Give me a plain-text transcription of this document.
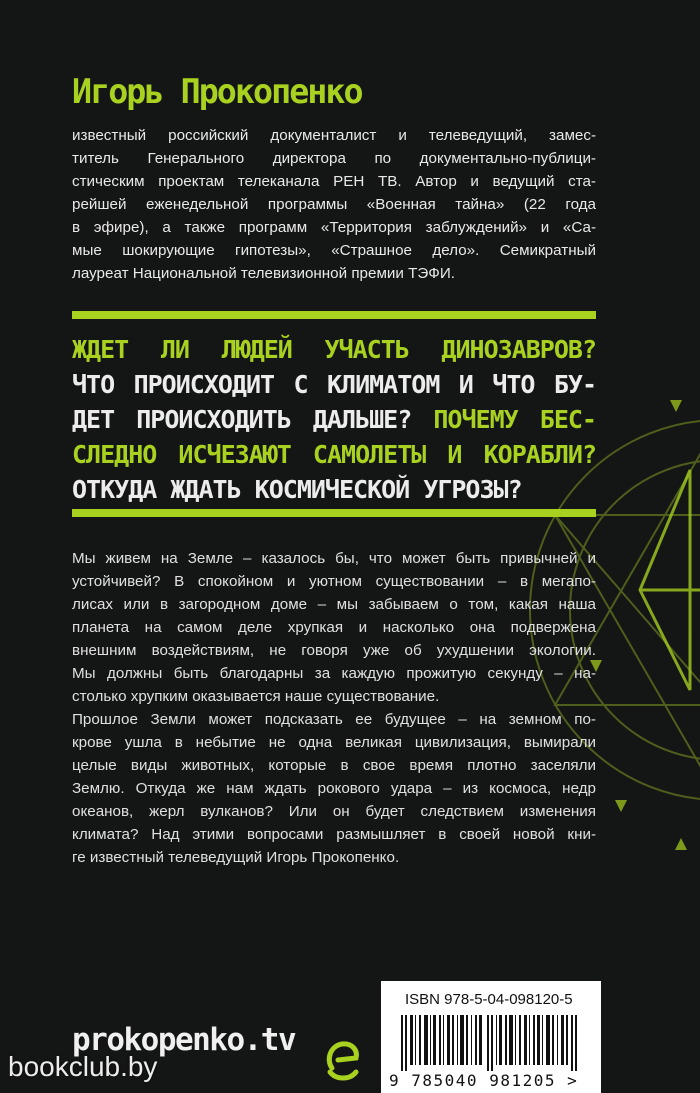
Игорь Прокопенко
известный российский документалист и телеведущий, замес-
титель Генерального директора по документально-публици-
стическим проектам телеканала РЕН ТВ. Автор и ведущий ста-
рейшей еженедельной программы «Военная тайна» (22 года
в эфире), а также программ «Территория заблуждений» и «Са-
мые шокирующие гипотезы», «Страшное дело». Семикратный
лауреат Национальной телевизионной премии ТЭФИ.
ЖДЕТ ЛИ ЛЮДЕЙ УЧАСТЬ ДИНОЗАВРОВ?
ЧТО ПРОИСХОДИТ С КЛИМАТОМ И ЧТО БУ-
ДЕТ ПРОИСХОДИТЬ ДАЛЬШЕ? ПОЧЕМУ БЕС-
СЛЕДНО ИСЧЕЗАЮТ САМОЛЕТЫ И КОРАБЛИ?
ОТКУДА ЖДАТЬ КОСМИЧЕСКОЙ УГРОЗЫ?
Мы живем на Земле – казалось бы, что может быть привычней и
устойчивей? В спокойном и уютном существовании – в мегапо-
лисах или в загородном доме – мы забываем о том, какая наша
планета на самом деле хрупкая и насколько она подвержена
внешним воздействиям, не говоря уже об ухудшении экологии.
Мы должны быть благодарны за каждую прожитую секунду – на-
столько хрупким оказывается наше существование.
Прошлое Земли может подсказать ее будущее – на земном по-
крове ушла в небытие не одна великая цивилизация, вымирали
целые виды животных, которые в свое время плотно заселяли
Землю. Откуда же нам ждать рокового удара – из космоса, недр
океанов, жерл вулканов? Или он будет следствием изменения
климата? Над этими вопросами размышляет в своей новой кни-
ге известный телеведущий Игорь Прокопенко.
prokopenko.tv
ISBN 978-5-04-098120-5
9 785040 981205 >
bookclub.by
